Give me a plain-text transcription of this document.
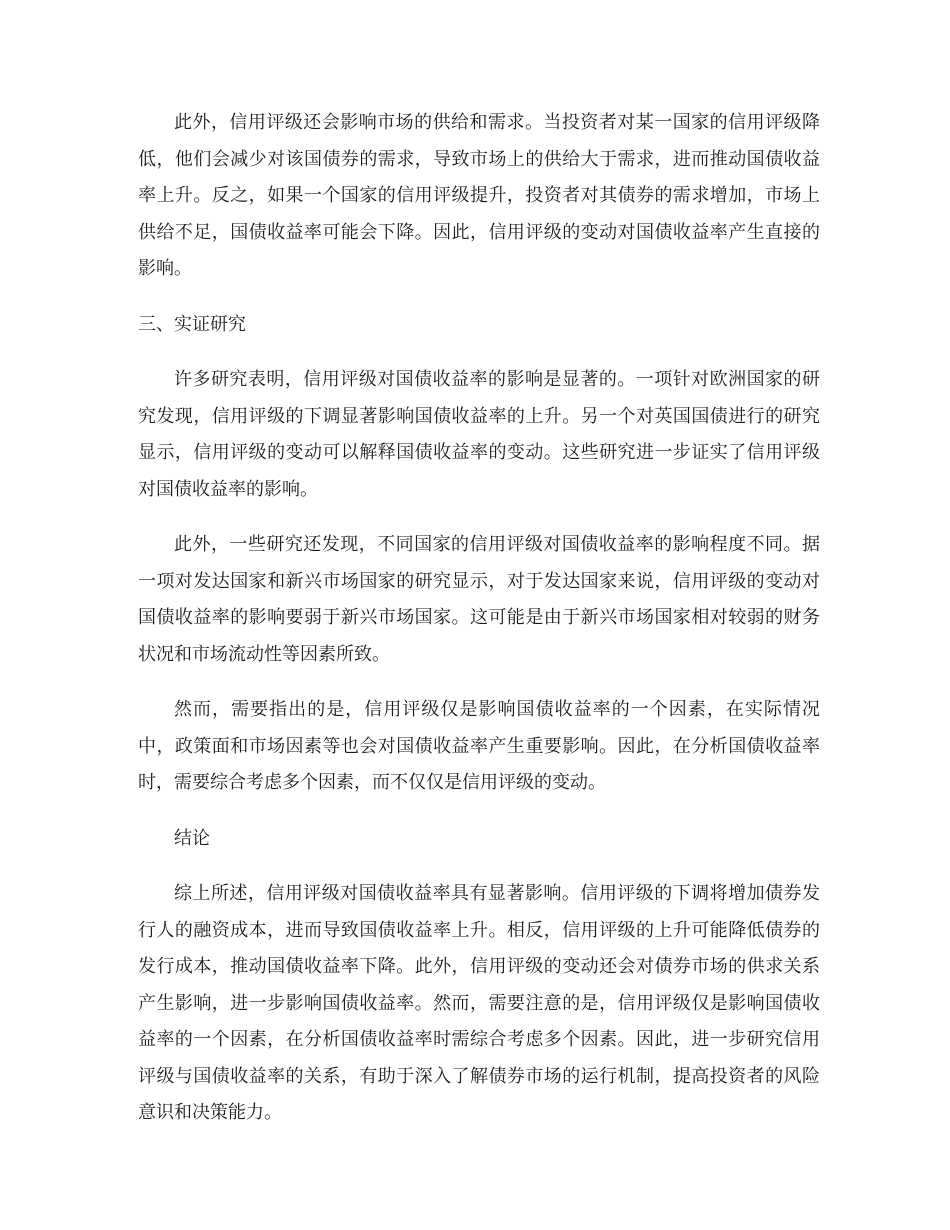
此外，信用评级还会影响市场的供给和需求。当投资者对某一国家的信用评级降低，他们会减少对该国债券的需求，导致市场上的供给大于需求，进而推动国债收益率上升。反之，如果一个国家的信用评级提升，投资者对其债券的需求增加，市场上供给不足，国债收益率可能会下降。因此，信用评级的变动对国债收益率产生直接的影响。

三、实证研究

许多研究表明，信用评级对国债收益率的影响是显著的。一项针对欧洲国家的研究发现，信用评级的下调显著影响国债收益率的上升。另一个对英国国债进行的研究显示，信用评级的变动可以解释国债收益率的变动。这些研究进一步证实了信用评级对国债收益率的影响。

此外，一些研究还发现，不同国家的信用评级对国债收益率的影响程度不同。据一项对发达国家和新兴市场国家的研究显示，对于发达国家来说，信用评级的变动对国债收益率的影响要弱于新兴市场国家。这可能是由于新兴市场国家相对较弱的财务状况和市场流动性等因素所致。

然而，需要指出的是，信用评级仅是影响国债收益率的一个因素，在实际情况中，政策面和市场因素等也会对国债收益率产生重要影响。因此，在分析国债收益率时，需要综合考虑多个因素，而不仅仅是信用评级的变动。

结论

综上所述，信用评级对国债收益率具有显著影响。信用评级的下调将增加债券发行人的融资成本，进而导致国债收益率上升。相反，信用评级的上升可能降低债券的发行成本，推动国债收益率下降。此外，信用评级的变动还会对债券市场的供求关系产生影响，进一步影响国债收益率。然而，需要注意的是，信用评级仅是影响国债收益率的一个因素，在分析国债收益率时需综合考虑多个因素。因此，进一步研究信用评级与国债收益率的关系，有助于深入了解债券市场的运行机制，提高投资者的风险意识和决策能力。
